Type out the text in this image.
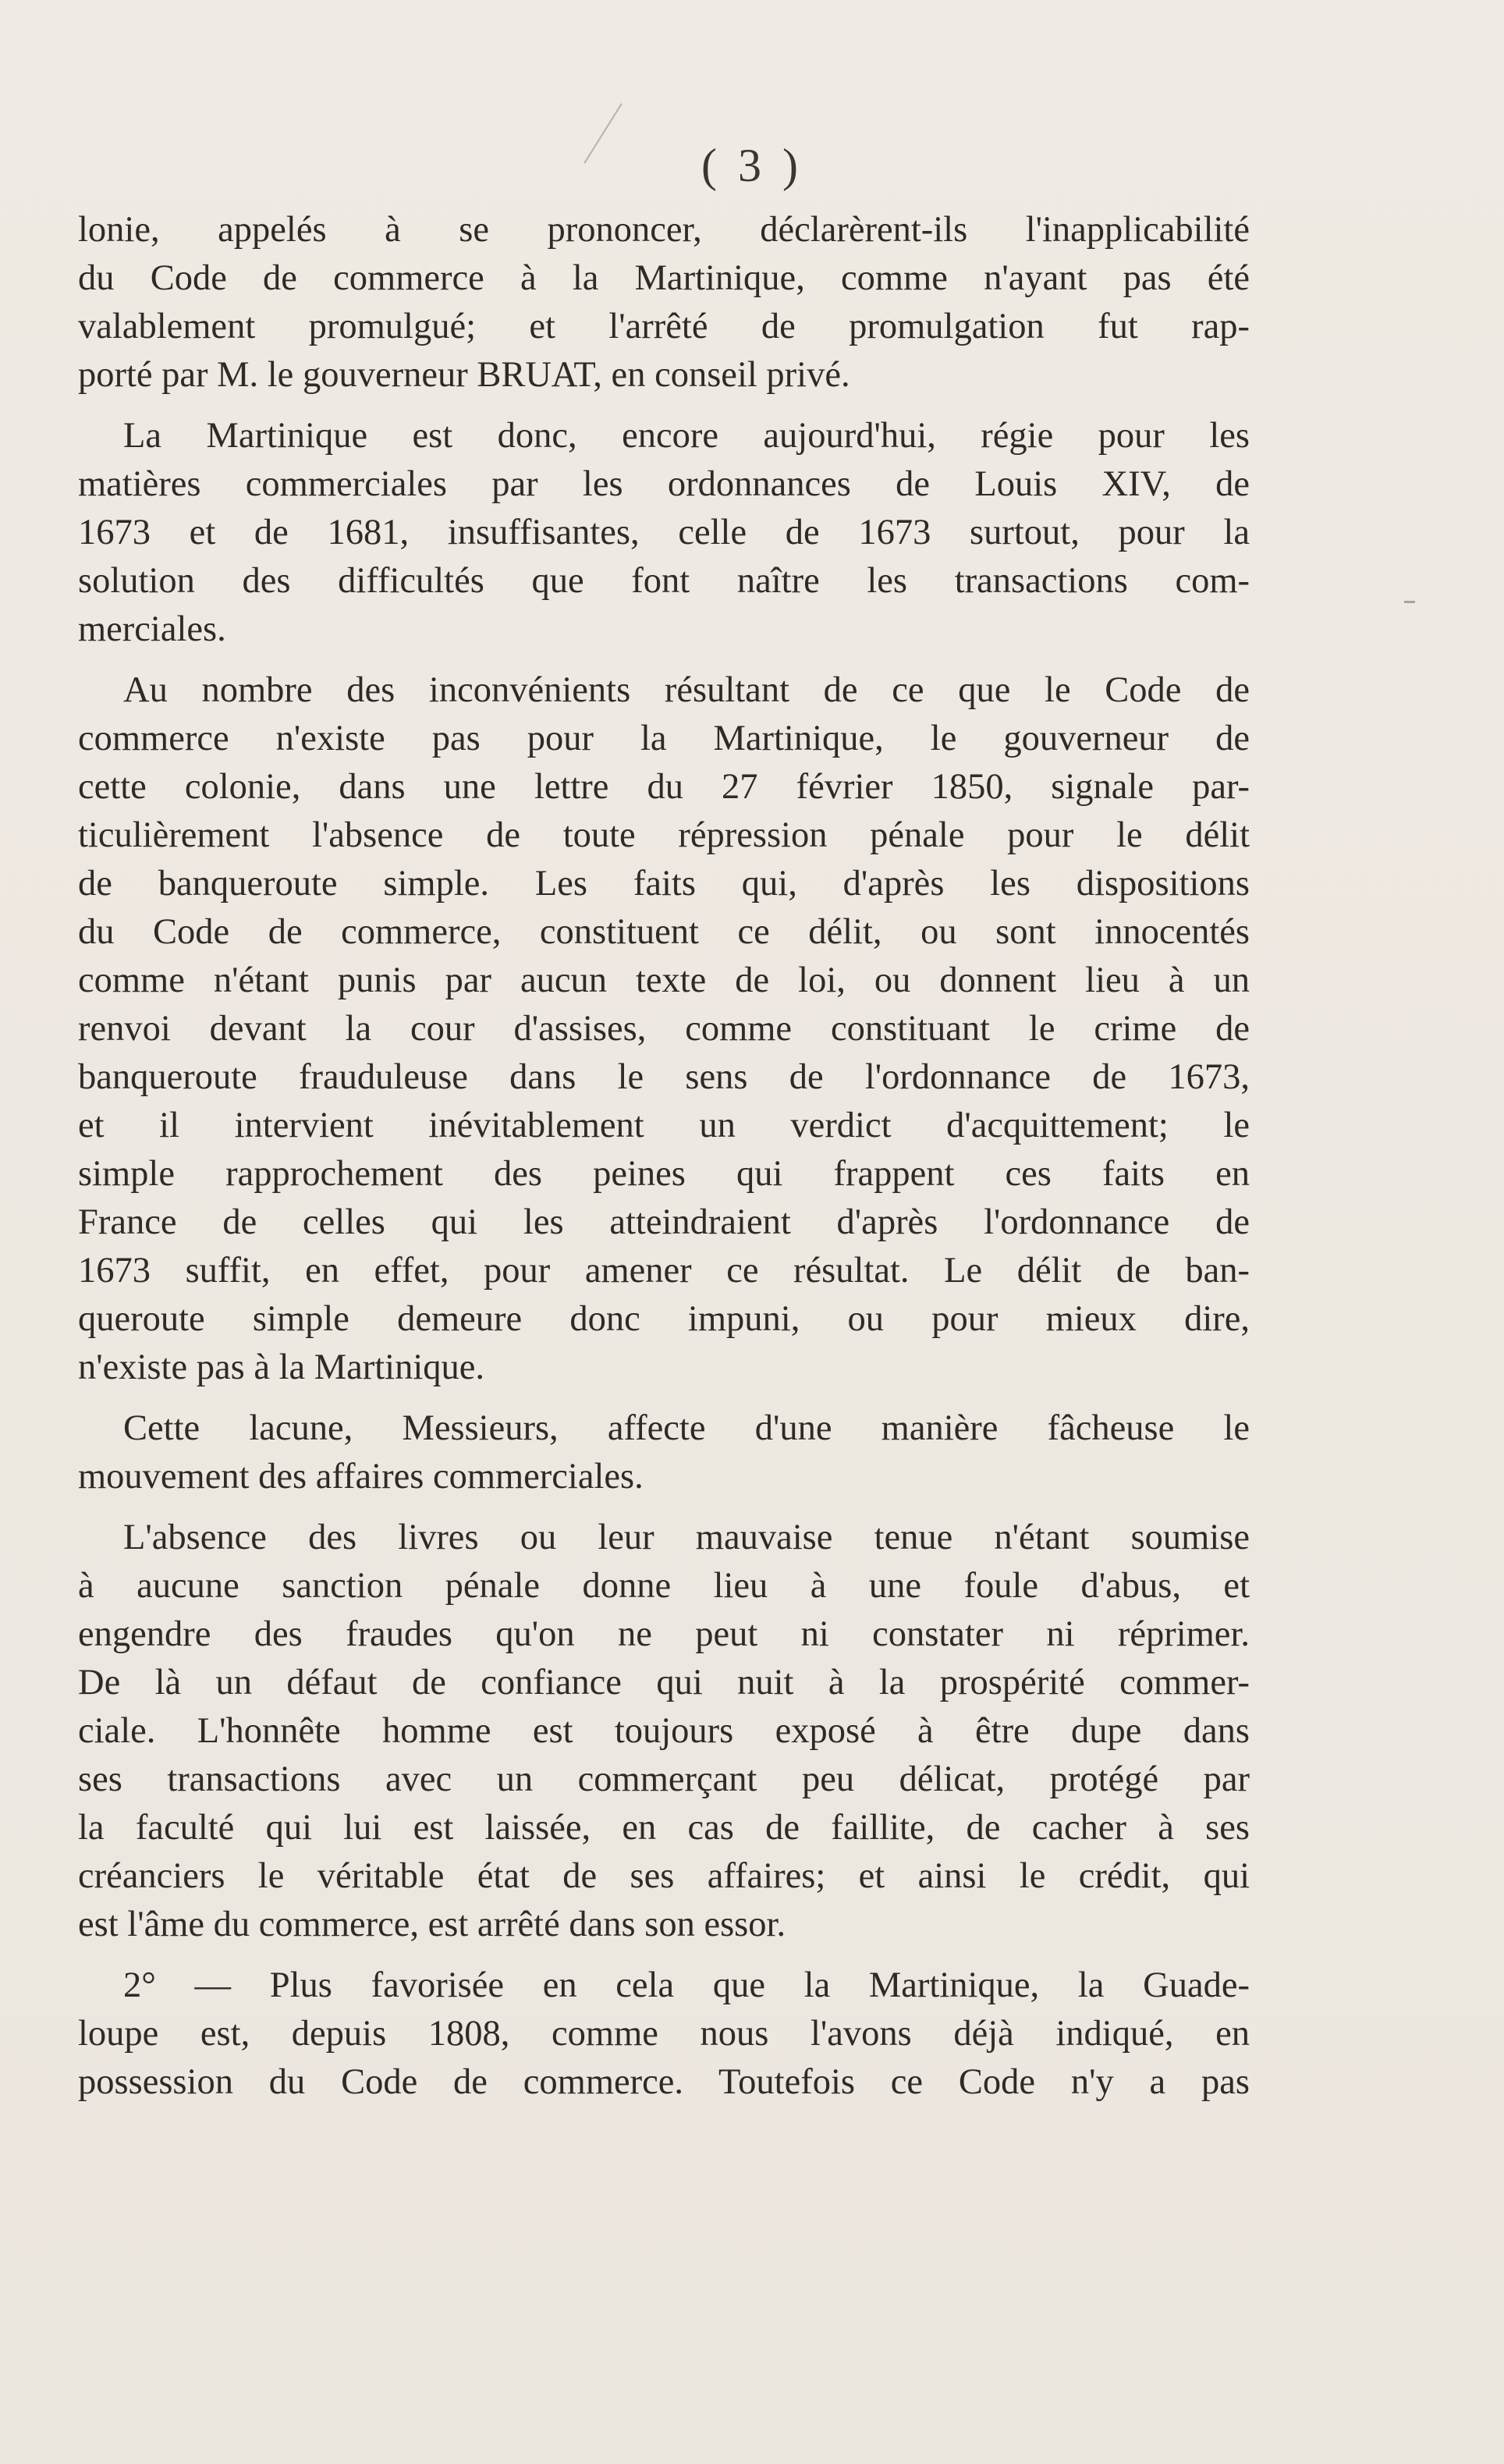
( 3 )

lonie, appelés à se prononcer, déclarèrent-ils l'inapplicabilité
du Code de commerce à la Martinique, comme n'ayant pas été
valablement promulgué; et l'arrêté de promulgation fut rap-
porté par M. le gouverneur BRUAT, en conseil privé.

La Martinique est donc, encore aujourd'hui, régie pour les
matières commerciales par les ordonnances de Louis XIV, de
1673 et de 1681, insuffisantes, celle de 1673 surtout, pour la
solution des difficultés que font naître les transactions com-
merciales.

Au nombre des inconvénients résultant de ce que le Code de
commerce n'existe pas pour la Martinique, le gouverneur de
cette colonie, dans une lettre du 27 février 1850, signale par-
ticulièrement l'absence de toute répression pénale pour le délit
de banqueroute simple. Les faits qui, d'après les dispositions
du Code de commerce, constituent ce délit, ou sont innocentés
comme n'étant punis par aucun texte de loi, ou donnent lieu à un
renvoi devant la cour d'assises, comme constituant le crime de
banqueroute frauduleuse dans le sens de l'ordonnance de 1673,
et il intervient inévitablement un verdict d'acquittement; le
simple rapprochement des peines qui frappent ces faits en
France de celles qui les atteindraient d'après l'ordonnance de
1673 suffit, en effet, pour amener ce résultat. Le délit de ban-
queroute simple demeure donc impuni, ou pour mieux dire,
n'existe pas à la Martinique.

Cette lacune, Messieurs, affecte d'une manière fâcheuse le
mouvement des affaires commerciales.

L'absence des livres ou leur mauvaise tenue n'étant soumise
à aucune sanction pénale donne lieu à une foule d'abus, et
engendre des fraudes qu'on ne peut ni constater ni réprimer.
De là un défaut de confiance qui nuit à la prospérité commer-
ciale. L'honnête homme est toujours exposé à être dupe dans
ses transactions avec un commerçant peu délicat, protégé par
la faculté qui lui est laissée, en cas de faillite, de cacher à ses
créanciers le véritable état de ses affaires; et ainsi le crédit, qui
est l'âme du commerce, est arrêté dans son essor.

2° — Plus favorisée en cela que la Martinique, la Guade-
loupe est, depuis 1808, comme nous l'avons déjà indiqué, en
possession du Code de commerce. Toutefois ce Code n'y a pas
